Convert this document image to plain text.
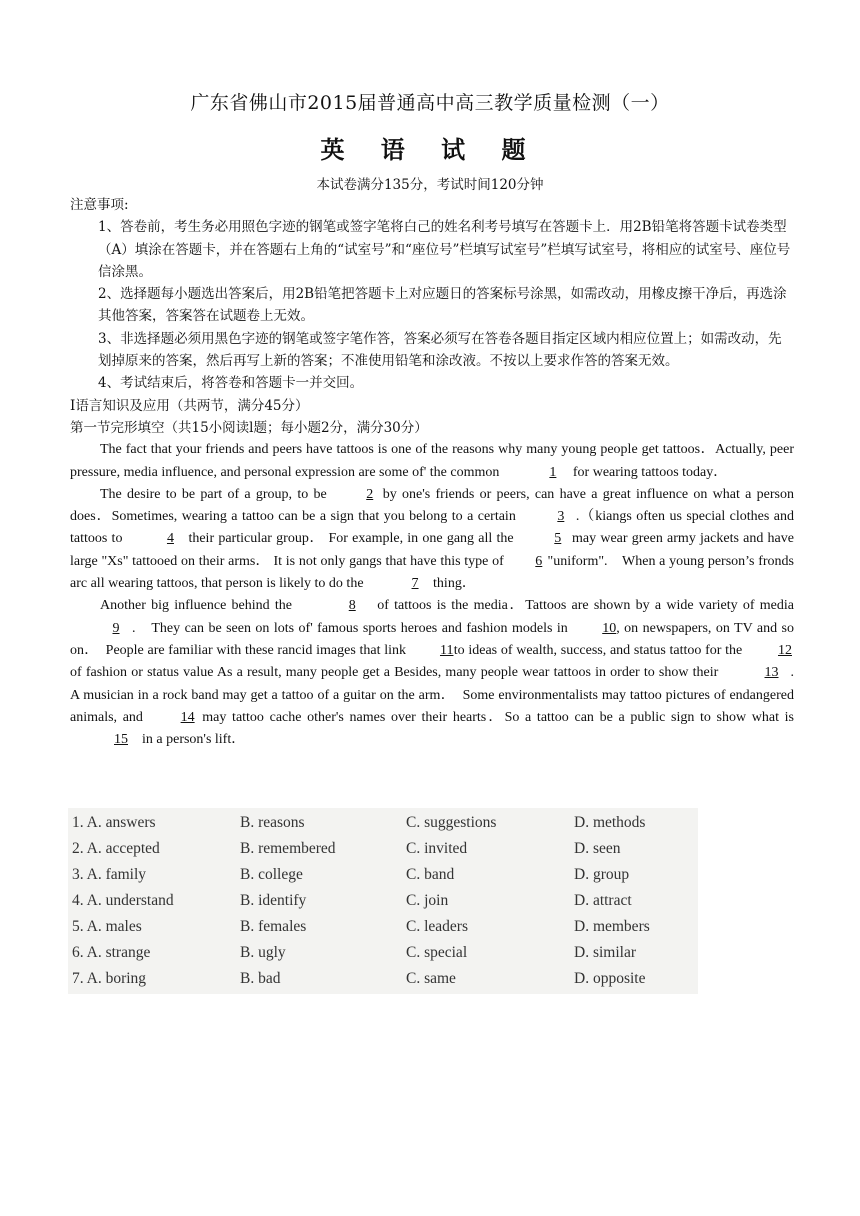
广东省佛山市2015届普通高中高三教学质量检测（一）
英 语 试 题
本试卷满分135分，考试时间120分钟

注意事项:

1、答卷前，考生务必用照色字迹的钢笔或签字笔将白己的姓名利考号填写在答题卡上．用2B铅笔将答题卡试卷类型（A）填涂在答题卡，并在答题右上角的“试室号”和“座位号”栏填写试室号”栏填写试室号，将相应的试室号、座位号信涂黑。

2、选择题每小题选出答案后，用2B铅笔把答题卡上对应题日的答案标号涂黑，如需改动，用橡皮擦干净后，再选涂其他答案，答案答在试题卷上无效。

3、非选择题必须用黑色字迹的钢笔或签字笔作答，答案必须写在答卷各题目指定区域内相应位置上；如需改动，先划掉原来的答案，然后再写上新的答案；不准使用铅笔和涂改液。不按以上要求作答的答案无效。

4、考试结束后，将答卷和答题卡一并交回。

I语言知识及应用（共两节，满分45分）

第一节完形填空（共15小阅读l题；每小题2分，满分30分）

The fact that your friends and peers have tattoos is one of the reasons why many young people get tattoos．Actually, peer pressure, media influence, and personal expression are some of' the common	1 for wearing tattoos today．

The desire to be part of a group, to be	2 by one's friends or peers, can have a great influence on what a person does．Sometimes, wearing a tattoo can be a sign that you belong to a certain	3 .（kiangs often us special clothes and tattoos to	4 their particular group． For example, in one gang all the	5 may wear green army jackets and have large "Xs" tattooed on their arms． It is not only gangs that have this type of 6 "uniform".　When a young person’s fronds arc all wearing tattoos, that person is likely to do the	7 thing．

Another big influence behind the	8 of tattoos is the media．Tattoos are shown by a wide variety of media 9 .　They can be seen on lots of' famous sports heroes and fashion models in 10, on newspapers, on TV and so on．　People are familiar with these rancid images that link 11to ideas of wealth, success, and status tattoo for the 12 of fashion or status value As a result, many people get a Besides, many people wear tattoos in order to show their	13 .　A musician in a rock band may get a tattoo of a guitar on the arm．　Some environmentalists may tattoo pictures of endangered animals, and 14 may tattoo cache other's names over their hearts．So a tattoo can be a public sign to show what is 15 in a person's lift．

1. A. answers	B. reasons	C. suggestions	D. methods
2. A. accepted	B. remembered	C. invited	D. seen
3. A. family	B. college	C. band	D. group
4. A. understand	B. identify	C. join	D. attract
5. A. males	B. females	C. leaders	D. members
6. A. strange	B. ugly	C. special	D. similar
7. A. boring	B. bad	C. same	D. opposite
